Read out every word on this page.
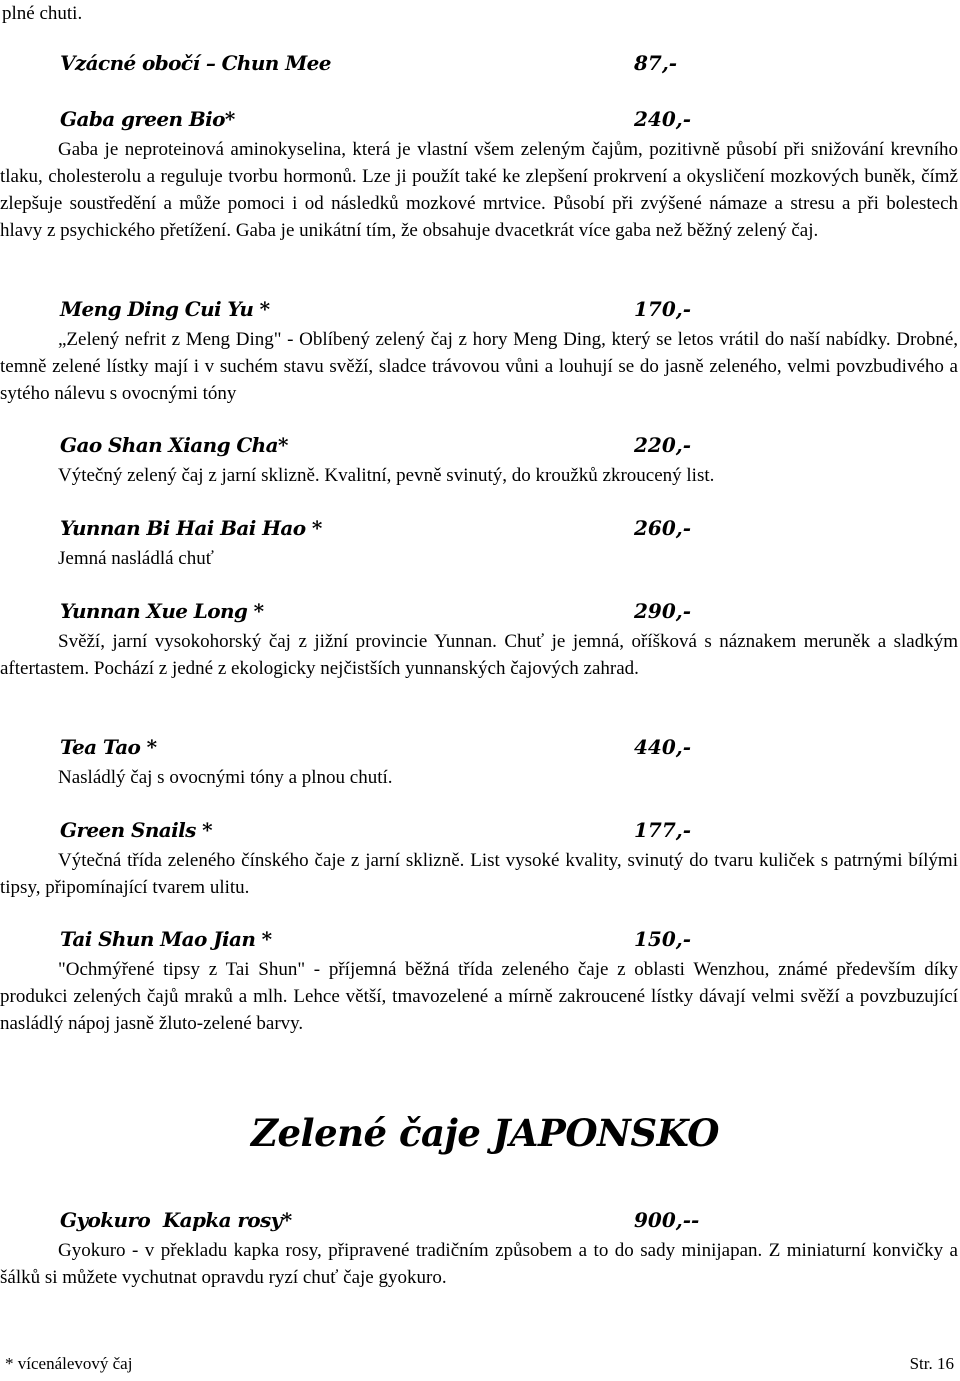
plné chuti.

Vzácné obočí – Chun Mee	87,-
Gaba green Bio*	240,-

Gaba je neproteinová aminokyselina, která je vlastní všem zeleným čajům, pozitivně působí při snižování krevního tlaku, cholesterolu a reguluje tvorbu hormonů. Lze ji použít také ke zlepšení prokrvení a okysličení mozkových buněk, čímž zlepšuje soustředění a může pomoci i od následků mozkové mrtvice. Působí při zvýšené námaze a stresu a při bolestech hlavy z psychického přetížení. Gaba je unikátní tím, že obsahuje dvacetkrát více gaba než běžný zelený čaj.

Meng Ding Cui Yu *	170,-

„Zelený nefrit z Meng Ding" - Oblíbený zelený čaj z hory Meng Ding, který se letos vrátil do naší nabídky. Drobné, temně zelené lístky mají i v suchém stavu svěží, sladce trávovou vůni a louhují se do jasně zeleného, velmi povzbudivého a sytého nálevu s ovocnými tóny

Gao Shan Xiang Cha*	220,-

Výtečný zelený čaj z jarní sklizně. Kvalitní, pevně svinutý, do kroužků zkroucený list.

Yunnan Bi Hai Bai Hao *	260,-

Jemná nasládlá chuť

Yunnan Xue Long *	290,-

Svěží, jarní vysokohorský čaj z jižní provincie Yunnan. Chuť je jemná, oříšková s náznakem meruněk a sladkým aftertastem. Pochází z jedné z ekologicky nejčistších yunnanských čajových zahrad.

Tea Tao *	440,-

Nasládlý čaj s ovocnými tóny a plnou chutí.

Green Snails *	177,-

Výtečná třída zeleného čínského čaje z jarní sklizně. List vysoké kvality, svinutý do tvaru kuliček s patrnými bílými tipsy, připomínající tvarem ulitu.

Tai Shun Mao Jian *	150,-

"Ochmýřené tipsy z Tai Shun" - příjemná běžná třída zeleného čaje z oblasti Wenzhou, známé především díky produkci zelených čajů mraků a mlh. Lehce větší, tmavozelené a mírně zakroucené lístky dávají velmi svěží a povzbuzující nasládlý nápoj jasně žluto-zelené barvy.

Zelené čaje JAPONSKO
Gyokuro  Kapka rosy*	900,--

Gyokuro - v překladu kapka rosy, připravené tradičním způsobem a to do sady minijapan. Z miniaturní konvičky a šálků si můžete vychutnat opravdu ryzí chuť čaje gyokuro.

* vícenálevový čaj	Str. 16
